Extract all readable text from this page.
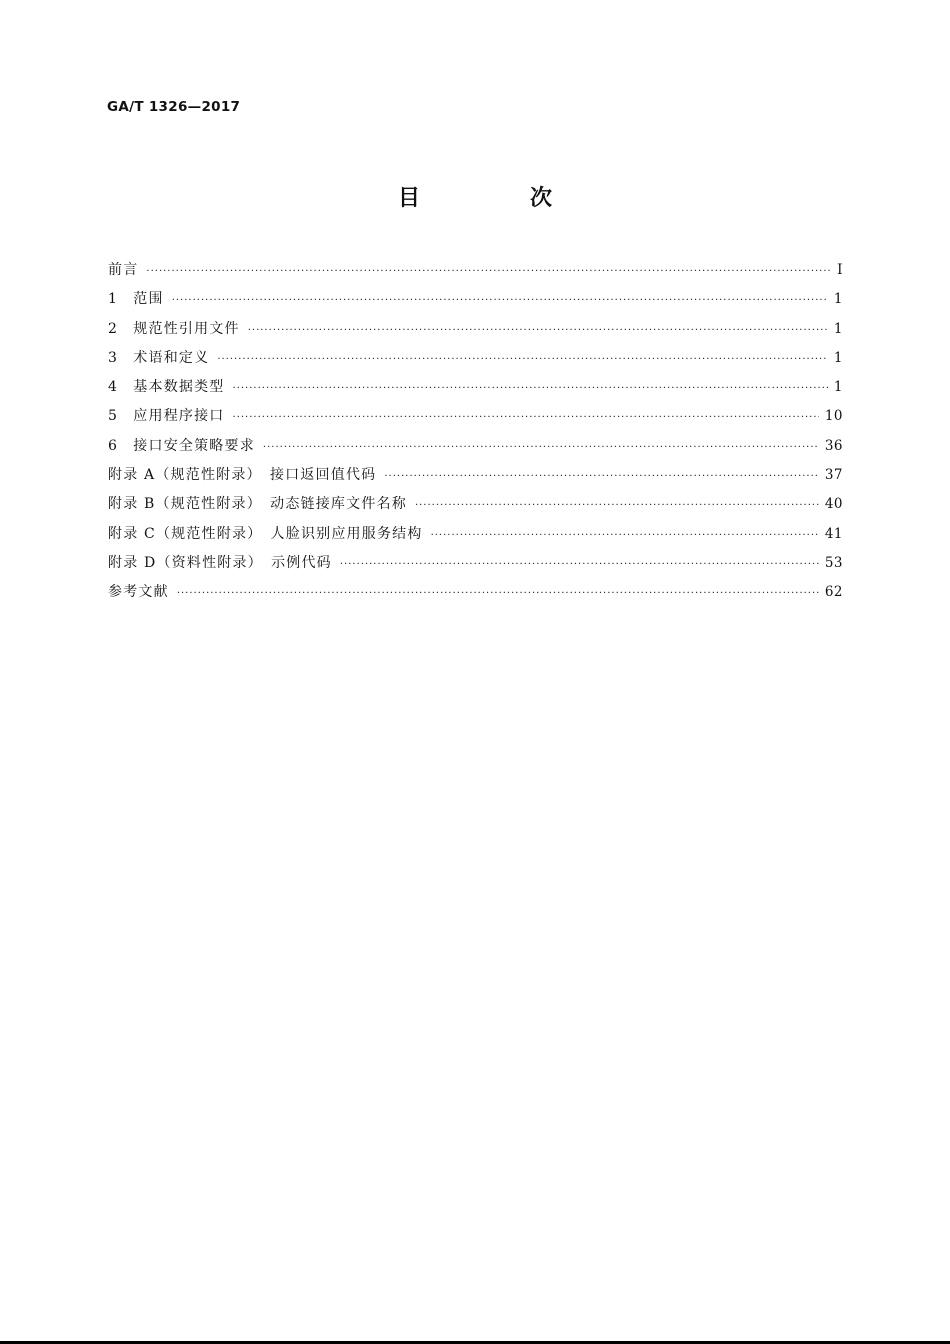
GA/T 1326—2017
目　次
前言 ·····	Ⅰ
1　范围 ·····	1
2　规范性引用文件 ·····	1
3　术语和定义 ·····	1
4　基本数据类型 ·····	1
5　应用程序接口 ·····	10
6　接口安全策略要求 ·····	36
附录 A（规范性附录）　接口返回值代码 ·····	37
附录 B（规范性附录）　动态链接库文件名称 ·····	40
附录 C（规范性附录）　人脸识别应用服务结构 ·····	41
附录 D（资料性附录）　示例代码 ·····	53
参考文献 ·····	62
